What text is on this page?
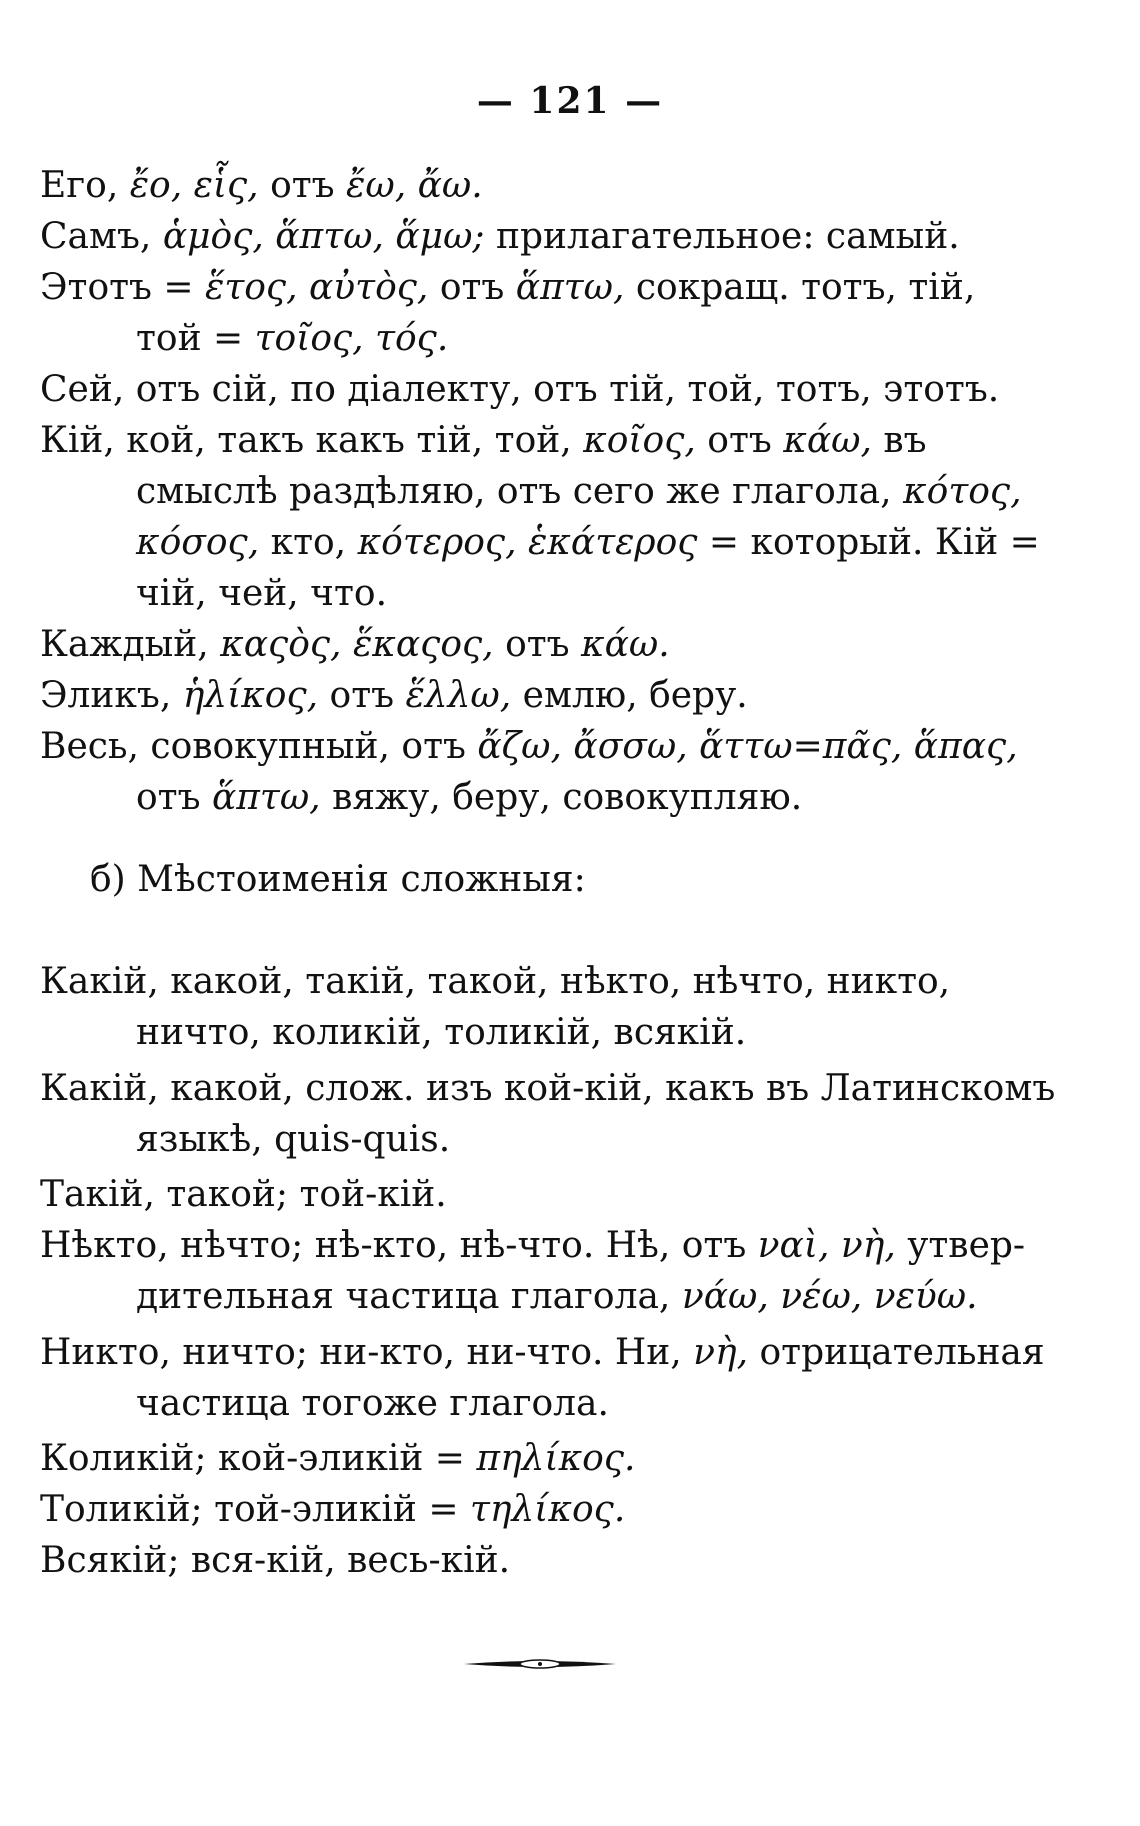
— 121 —
Его, ἔο, εἷς, отъ ἔω, ἄω.
Самъ, ἁμὸς, ἅπτω, ἅμω; прилагательное: самый.
Этотъ = ἕτος, αὐτὸς, отъ ἅπτω, сокращ. тотъ, тій,
той = τοῖος, τός.
Сей, отъ сій, по діалекту, отъ тій, той, тотъ, этотъ.
Кій, кой, такъ какъ тій, той, κοῖος, отъ κάω, въ
смыслѣ раздѣляю, отъ сего же глагола, κότος,
κόσος, кто, κότερος, ἑκάτερος = который. Кій =
чій, чей, что.
Каждый, καςὸς, ἕκαςος, отъ κάω.
Эликъ, ἡλίκος, отъ ἕλλω, емлю, беру.
Весь, совокупный, отъ ἄζω, ἄσσω, ἅττω=πᾶς, ἅπας,
отъ ἅπτω, вяжу, беру, совокупляю.
б) Мѣстоименія сложныя:
Какій, какой, такій, такой, нѣкто, нѣчто, никто,
ничто, коликій, толикій, всякій.
Какій, какой, слож. изъ кой-кій, какъ въ Латинскомъ
языкѣ, quis-quis.
Такій, такой; той-кій.
Нѣкто, нѣчто; нѣ-кто, нѣ-что. Нѣ, отъ ναὶ, νὴ, утвер-
дительная частица глагола, νάω, νέω, νεύω.
Никто, ничто; ни-кто, ни-что. Ни, νὴ, отрицательная
частица тогоже глагола.
Коликій; кой-эликій = πηλίκος.
Толикій; той-эликій = τηλίκος.
Всякій; вся-кій, весь-кій.
